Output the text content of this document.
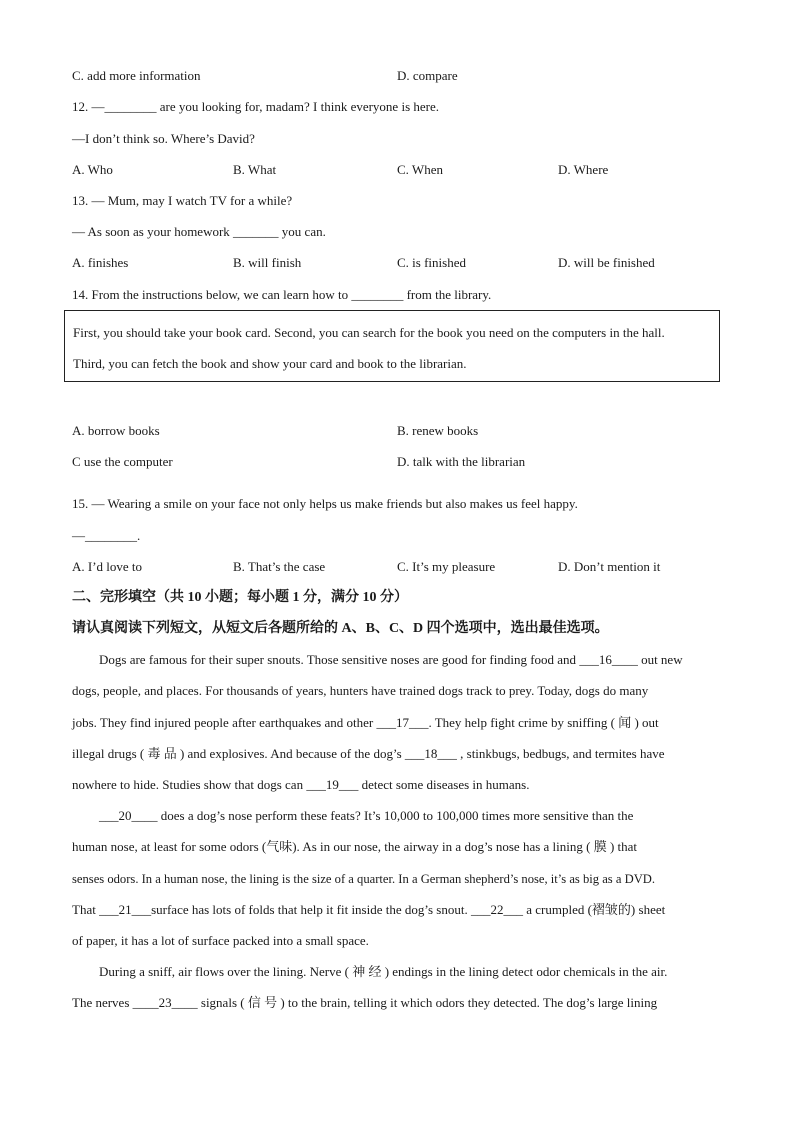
C. add more information	D. compare
12. —________ are you looking for, madam? I think everyone is here.
—I don’t think so. Where’s David?
A. Who	B. What	C. When	D. Where
13. — Mum, may I watch TV for a while?
— As soon as your homework _______ you can.
A. finishes	B. will finish	C. is finished	D. will be finished
14. From the instructions below, we can learn how to ________ from the library.
First, you should take your book card. Second, you can search for the book you need on the computers in the hall.
Third, you can fetch the book and show your card and book to the librarian.
A. borrow books	B. renew books
C use the computer	D. talk with the librarian
15. — Wearing a smile on your face not only helps us make friends but also makes us feel happy.
—________.
A. I’d love to	B. That’s the case	C. It’s my pleasure	D. Don’t mention it
二、完形填空（共 10 小题；每小题 1 分，满分 10 分）
请认真阅读下列短文，从短文后各题所给的 A、B、C、D 四个选项中，选出最佳选项。
Dogs are famous for their super snouts. Those sensitive noses are good for finding food and ___16____ out new
dogs, people, and places. For thousands of years, hunters have trained dogs track to prey. Today, dogs do many
jobs. They find injured people after earthquakes and other ___17___. They help fight crime by sniffing ( 闻 ) out
illegal drugs ( 毒 品 ) and explosives. And because of the dog’s ___18___ , stinkbugs, bedbugs, and termites have
nowhere to hide. Studies show that dogs can ___19___ detect some diseases in humans.
___20____ does a dog’s nose perform these feats? It’s 10,000 to 100,000 times more sensitive than the
human nose, at least for some odors (气味). As in our nose, the airway in a dog’s nose has a lining ( 膜 ) that
senses odors. In a human nose, the lining is the size of a quarter. In a German shepherd’s nose, it’s as big as a DVD.
That ___21___surface has lots of folds that help it fit inside the dog’s snout. ___22___ a crumpled (褶皱的) sheet
of paper, it has a lot of surface packed into a small space.
During a sniff, air flows over the lining. Nerve ( 神 经 ) endings in the lining detect odor chemicals in the air.
The nerves ____23____ signals ( 信 号 ) to the brain, telling it which odors they detected. The dog’s large lining
